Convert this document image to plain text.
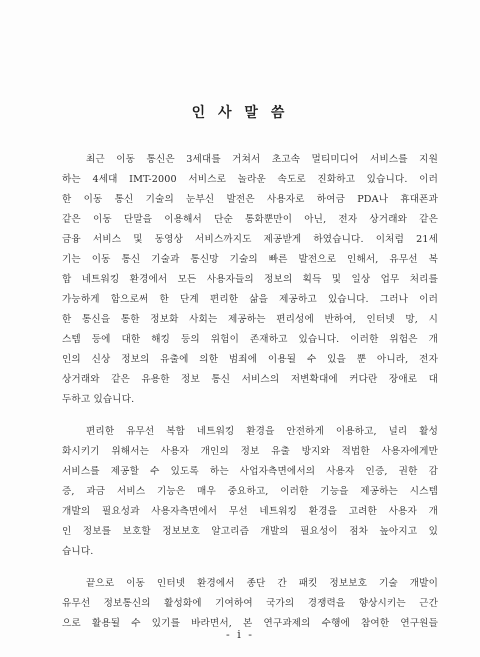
인 사 말 씀
최근 이동 통신은 3세대를 거쳐서 초고속 멀티미디어 서비스를 지원
하는 4세대 IMT-2000 서비스로 놀라운 속도로 진화하고 있습니다. 이러
한 이동 통신 기술의 눈부신 발전은 사용자로 하여금 PDA나 휴대폰과
같은 이동 단말을 이용해서 단순 통화뿐만이 아닌, 전자 상거래와 같은
금융 서비스 및 동영상 서비스까지도 제공받게 하였습니다. 이처럼 21세
기는 이동 통신 기술과 통신망 기술의 빠른 발전으로 인해서, 유무선 복
합 네트워킹 환경에서 모든 사용자들의 정보의 획득 및 일상 업무 처리를
가능하게 함으로써 한 단계 편리한 삶을 제공하고 있습니다. 그러나 이러
한 통신을 통한 정보화 사회는 제공하는 편리성에 반하여, 인터넷 망, 시
스템 등에 대한 해킹 등의 위험이 존재하고 있습니다. 이러한 위험은 개
인의 신상 정보의 유출에 의한 범죄에 이용될 수 있을 뿐 아니라, 전자
상거래와 같은 유용한 정보 통신 서비스의 저변확대에 커다란 장애로 대
두하고 있습니다.
편리한 유무선 복합 네트워킹 환경을 안전하게 이용하고, 널리 활성
화시키기 위해서는 사용자 개인의 정보 유출 방지와 적법한 사용자에게만
서비스를 제공할 수 있도록 하는 사업자측면에서의 사용자 인증, 권한 감
증, 과금 서비스 기능은 매우 중요하고, 이러한 기능을 제공하는 시스템
개발의 필요성과 사용자측면에서 무선 네트워킹 환경을 고려한 사용자 개
인 정보를 보호할 정보보호 알고리즘 개발의 필요성이 점차 높아지고 있
습니다.
끝으로 이동 인터넷 환경에서 종단 간 패킷 정보보호 기술 개발이
유무선 정보통신의 활성화에 기여하여 국가의 경쟁력을 향상시키는 근간
으로 활용될 수 있기를 바라면서, 본 연구과제의 수행에 참여한 연구원들
- i -
